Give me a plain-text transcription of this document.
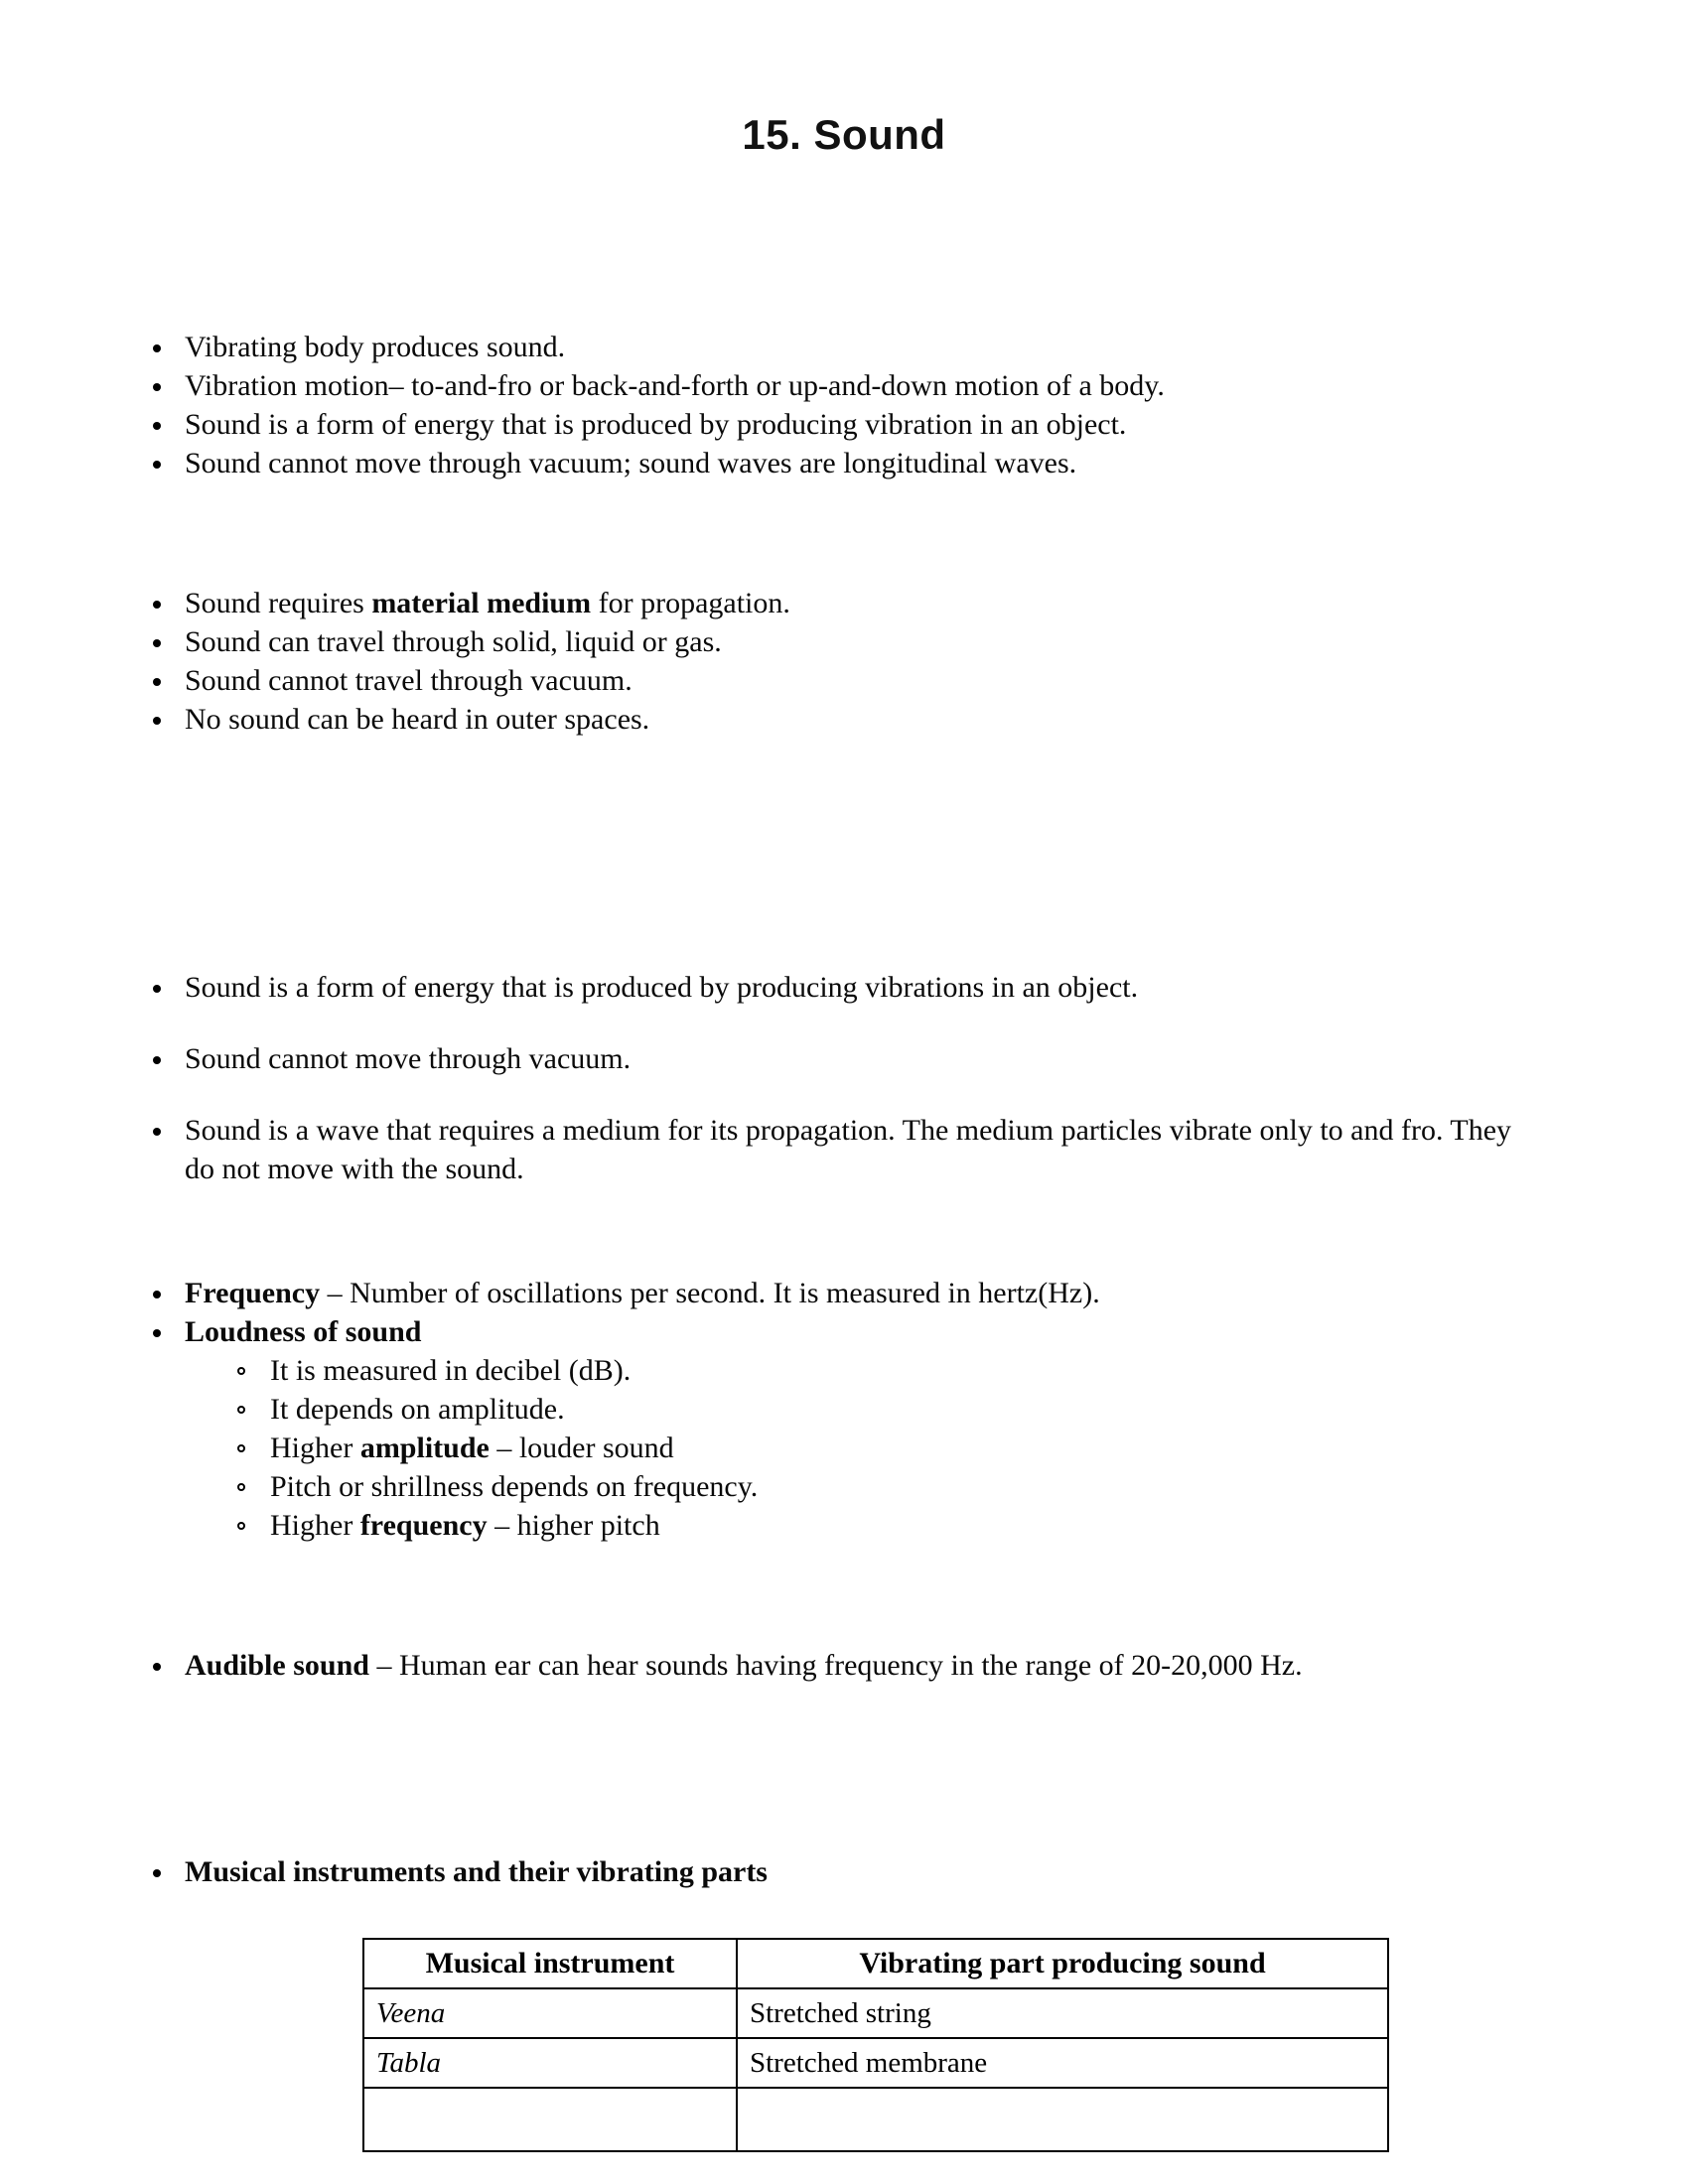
15. Sound
Vibrating body produces sound.
Vibration motion– to-and-fro or back-and-forth or up-and-down motion of a body.
Sound is a form of energy that is produced by producing vibration in an object.
Sound cannot move through vacuum; sound waves are longitudinal waves.
Sound requires material medium for propagation.
Sound can travel through solid, liquid or gas.
Sound cannot travel through vacuum.
No sound can be heard in outer spaces.
Sound is a form of energy that is produced by producing vibrations in an object.
Sound cannot move through vacuum.
Sound is a wave that requires a medium for its propagation. The medium particles vibrate only to and fro. They do not move with the sound.
Frequency – Number of oscillations per second. It is measured in hertz(Hz).
Loudness of sound
It is measured in decibel (dB).
It depends on amplitude.
Higher amplitude – louder sound
Pitch or shrillness depends on frequency.
Higher frequency – higher pitch
Audible sound – Human ear can hear sounds having frequency in the range of 20-20,000 Hz.
Musical instruments and their vibrating parts
Musical instrument	Vibrating part producing sound
Veena	Stretched string
Tabla	Stretched membrane
